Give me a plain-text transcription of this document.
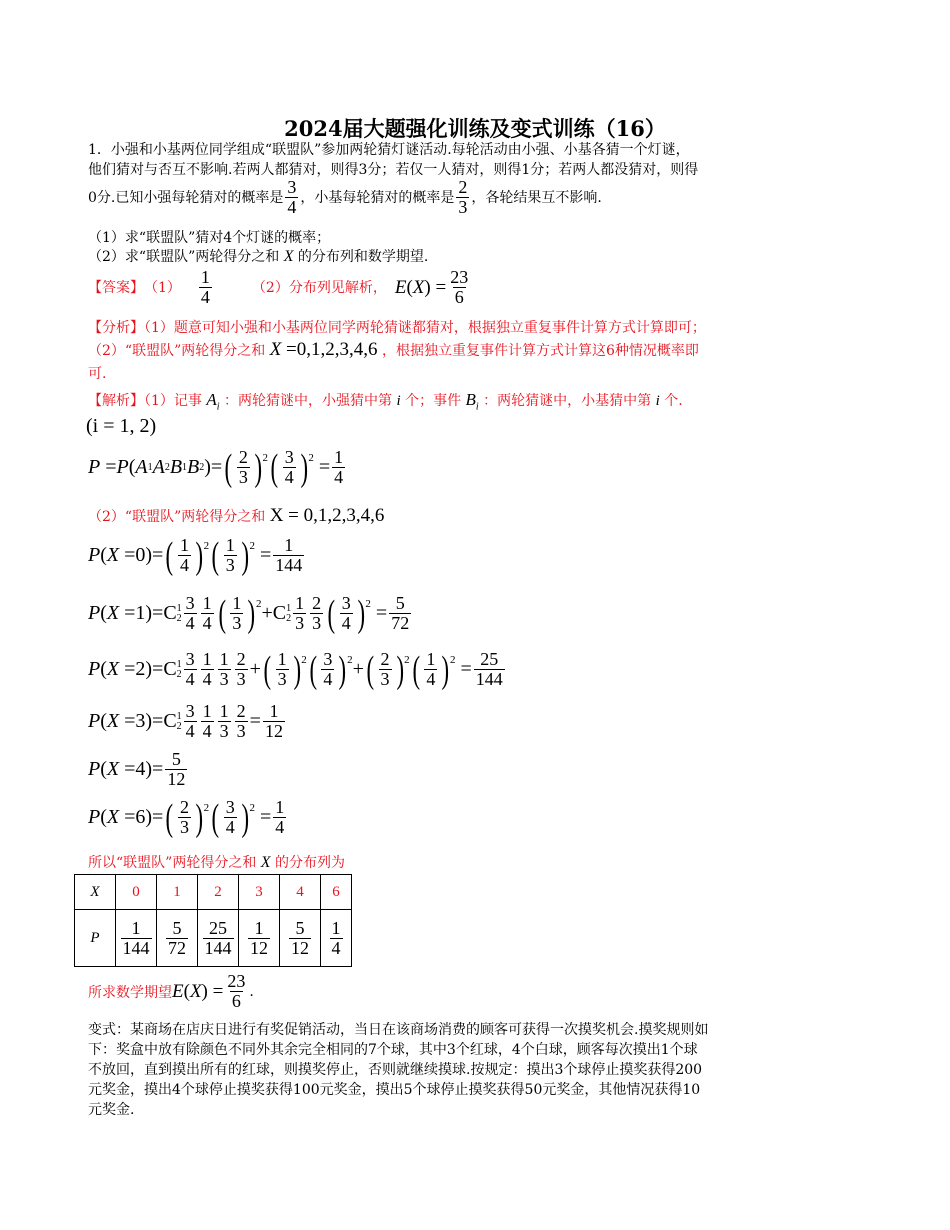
2024届大题强化训练及变式训练（16）
1．小强和小基两位同学组成“联盟队”参加两轮猜灯谜活动.每轮活动由小强、小基各猜一个灯谜，
他们猜对与否互不影响.若两人都猜对，则得3分；若仅一人猜对，则得1分；若两人都没猜对，则得
0分.已知小强每轮猜对的概率是 $\frac{3}{4}$ ，小基每轮猜对的概率是 $\frac{2}{3}$ ，各轮结果互不影响.
（1）求“联盟队”猜对4个灯谜的概率；
（2）求“联盟队”两轮得分之和 X 的分布列和数学期望.
【答案】 $(1) \frac{1}{4}$	（2）分布列见解析， $E(X) = \frac{23}{6}$
【分析】（1）题意可知小强和小基两位同学两轮猜谜都猜对，根据独立重复事件计算方式计算即可；
（2）“联盟队”两轮得分之和 X =0,1,2,3,4,6 ，根据独立重复事件计算方式计算这6种情况概率即
可.
【解析】（1）记事 $A_i$ ：两轮猜谜中，小强猜中第 i 个；事件 $B_i$ ：两轮猜谜中，小基猜中第 i 个.
(i = 1, 2)
P = P ( A 1 A 2 B 1 B 2 )= ( $\frac{2}{3}$ ) 2 ( $\frac{3}{4}$ ) $2 = \frac{1}{4}$
（2）“联盟队”两轮得分之和 X = 0,1,2,3,4,6
P ( X =0)= ( $\frac{1}{4}$ ) 2 ( $\frac{1}{3}$ ) $2 = \frac{1}{144}$
P ( X =1)=C 1
$2 \frac{3}{4} \frac{1}{4}$ ( $\frac{1}{3}$ ) 2 +C 1
$2 \frac{1}{3} \frac{2}{3}$ ( $\frac{3}{4}$ ) $2 = \frac{5}{72}$
P ( X =2)=C 1
$2 \frac{3}{4} \frac{1}{4} \frac{1}{3} \frac{2}{3}$ + ( $\frac{1}{3}$ ) 2 ( $\frac{3}{4}$ ) 2 + ( $\frac{2}{3}$ ) 2 ( $\frac{1}{4}$ ) $2 = \frac{25}{144}$
P ( X =3)=C 1
$2 \frac{3}{4} \frac{1}{4} \frac{1}{3} \frac{2}{3} = \frac{1}{12}$
P ( $X =4)= \frac{5}{12}$
P ( X =6)= ( $\frac{2}{3}$ ) 2 ( $\frac{3}{4}$ ) $2 = \frac{1}{4}$
所以“联盟队”两轮得分之和 X 的分布列为
X	0	1	2	3	4	6
P	$\frac{1}{144}$	$\frac{5}{72}$	$\frac{25}{144}$	$\frac{1}{12}$	$\frac{5}{12}$	$\frac{1}{4}$
所求数学期望 $E(X) = \frac{23}{6}$ .
变式：某商场在店庆日进行有奖促销活动，当日在该商场消费的顾客可获得一次摸奖机会.摸奖规则如
下：奖盒中放有除颜色不同外其余完全相同的7个球，其中3个红球，4个白球，顾客每次摸出1个球
不放回，直到摸出所有的红球，则摸奖停止，否则就继续摸球.按规定：摸出3个球停止摸奖获得200
元奖金，摸出4个球停止摸奖获得100元奖金，摸出5个球停止摸奖获得50元奖金，其他情况获得10
元奖金.
